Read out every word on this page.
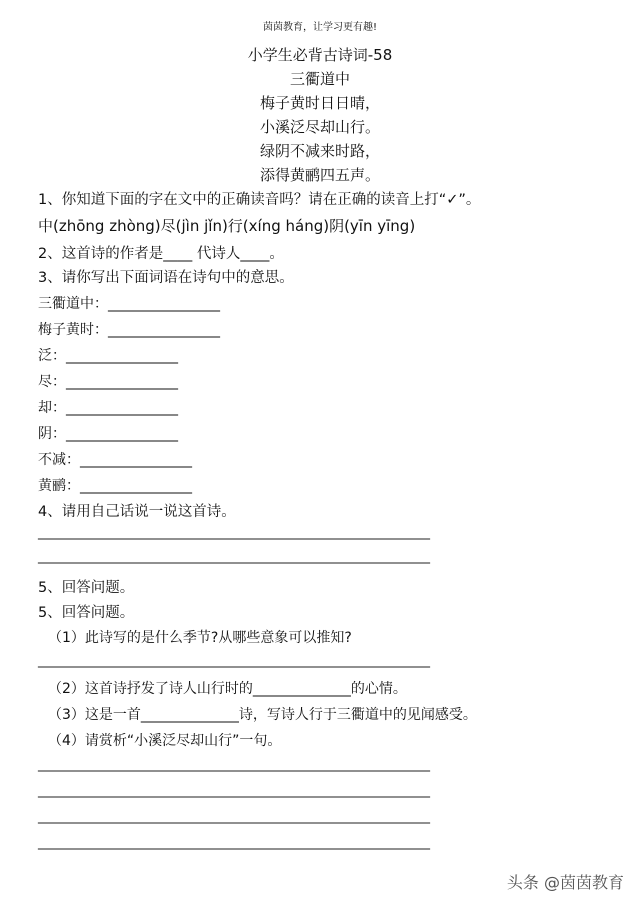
茵茵教育，让学习更有趣!
小学生必背古诗词-58
三衢道中
梅子黄时日日晴，
小溪泛尽却山行。
绿阴不减来时路，
添得黄鹂四五声。
1、你知道下面的字在文中的正确读音吗？请在正确的读音上打“✓”。
中(zhōng zhòng)尽(jìn jǐn)行(xíng háng)阴(yīn yīng)
2、这首诗的作者是____ 代诗人____。
3、请你写出下面词语在诗句中的意思。
三衢道中：________________
梅子黄时：________________
泛：________________
尽：________________
却：________________
阴：________________
不减：________________
黄鹂：________________
4、请用自己话说一说这首诗。
________________________________________________________
________________________________________________________
5、回答问题。
5、回答问题。
（1）此诗写的是什么季节?从哪些意象可以推知?
________________________________________________________
（2）这首诗抒发了诗人山行时的______________的心情。
（3）这是一首______________诗，写诗人行于三衢道中的见闻感受。
（4）请赏析“小溪泛尽却山行”一句。
________________________________________________________
________________________________________________________
________________________________________________________
________________________________________________________
头条 @茵茵教育
